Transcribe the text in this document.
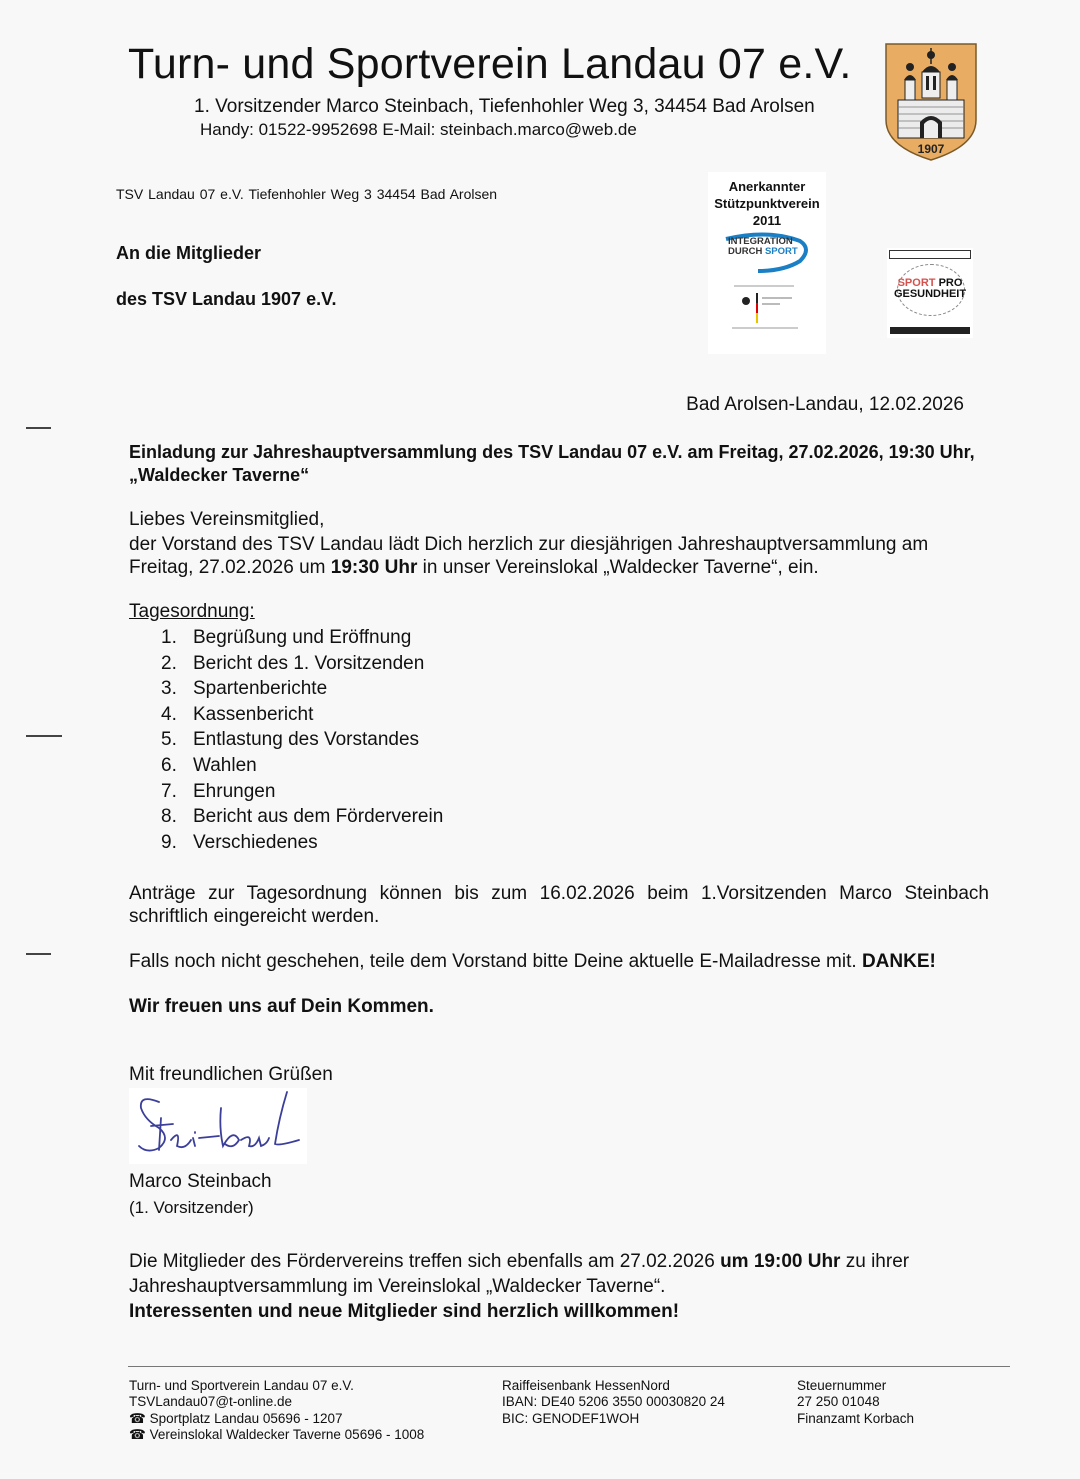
Turn- und Sportverein Landau 07 e.V.
1. Vorsitzender Marco Steinbach, Tiefenhohler Weg 3, 34454 Bad Arolsen
Handy: 01522-9952698 E-Mail: steinbach.marco@web.de
1907
Anerkannter
Stützpunktverein
2011
INTEGRATION
DURCH SPORT
SPORT PRO
GESUNDHEIT
TSV Landau 07 e.V. Tiefenhohler Weg 3 34454 Bad Arolsen
An die Mitglieder
des TSV Landau 1907 e.V.
Bad Arolsen-Landau, 12.02.2026
Einladung zur Jahreshauptversammlung des TSV Landau 07 e.V. am Freitag, 27.02.2026, 19:30 Uhr, „Waldecker Taverne“
Liebes Vereinsmitglied,
der Vorstand des TSV Landau lädt Dich herzlich zur diesjährigen Jahreshauptversammlung am Freitag, 27.02.2026 um 19:30 Uhr in unser Vereinslokal „Waldecker Taverne“, ein.
Tagesordnung:
1. Begrüßung und Eröffnung
2. Bericht des 1. Vorsitzenden
3. Spartenberichte
4. Kassenbericht
5. Entlastung des Vorstandes
6. Wahlen
7. Ehrungen
8. Bericht aus dem Förderverein
9. Verschiedenes
Anträge zur Tagesordnung können bis zum 16.02.2026 beim 1.Vorsitzenden Marco Steinbach schriftlich eingereicht werden.
Falls noch nicht geschehen, teile dem Vorstand bitte Deine aktuelle E-Mailadresse mit. DANKE!
Wir freuen uns auf Dein Kommen.
Mit freundlichen Grüßen
Marco Steinbach
(1. Vorsitzender)
Die Mitglieder des Fördervereins treffen sich ebenfalls am 27.02.2026 um 19:00 Uhr zu ihrer Jahreshauptversammlung im Vereinslokal „Waldecker Taverne“.
Interessenten und neue Mitglieder sind herzlich willkommen!
Turn- und Sportverein Landau 07 e.V.
TSVLandau07@t-online.de
☎ Sportplatz Landau 05696 - 1207
☎ Vereinslokal Waldecker Taverne 05696 - 1008
Raiffeisenbank HessenNord
IBAN: DE40 5206 3550 00030820 24
BIC: GENODEF1WOH
Steuernummer
27 250 01048
Finanzamt Korbach
